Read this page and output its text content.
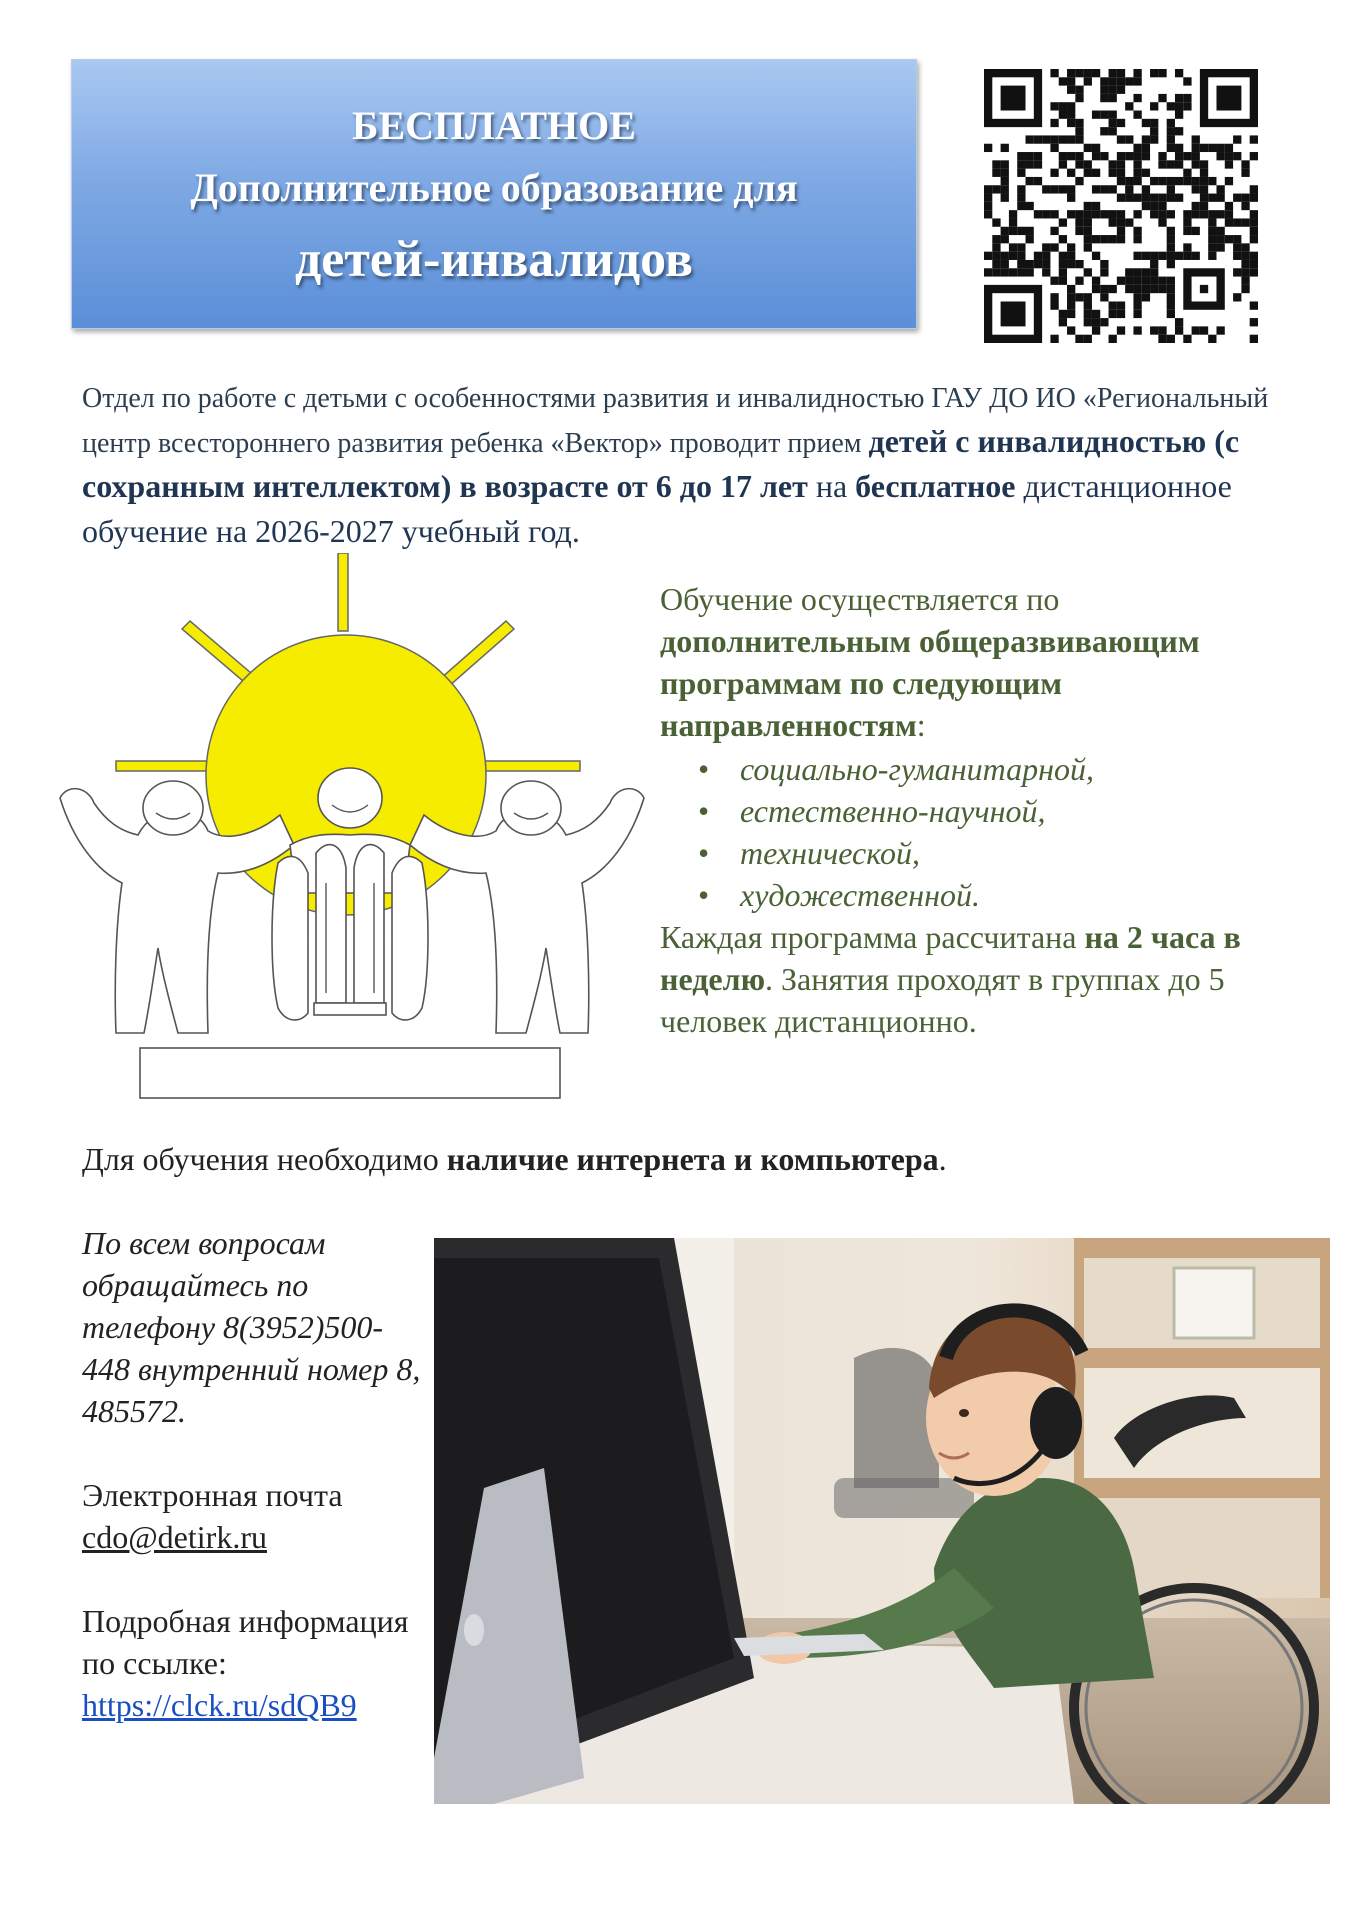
БЕСПЛАТНОЕ
Дополнительное образование для
детей-инвалидов
Отдел по работе с детьми с особенностями развития и инвалидностью ГАУ ДО ИО «Региональный центр всестороннего развития ребенка «Вектор» проводит прием детей с инвалидностью (с сохранным интеллектом) в возрасте от 6 до 17 лет на бесплатное дистанционное обучение на 2026-2027 учебный год.
Обучение осуществляется по дополнительным общеразвивающим программам по следующим направленностям:
• социально-гуманитарной,
• естественно-научной,
• технической,
• художественной.
Каждая программа рассчитана на 2 часа в неделю. Занятия проходят в группах до 5 человек дистанционно.
Для обучения необходимо наличие интернета и компьютера.
По всем вопросам обращайтесь по телефону 8(3952)500-448 внутренний номер 8, 485572.
Электронная почта
cdo@detirk.ru
Подробная информация по ссылке:
https://clck.ru/sdQB9
